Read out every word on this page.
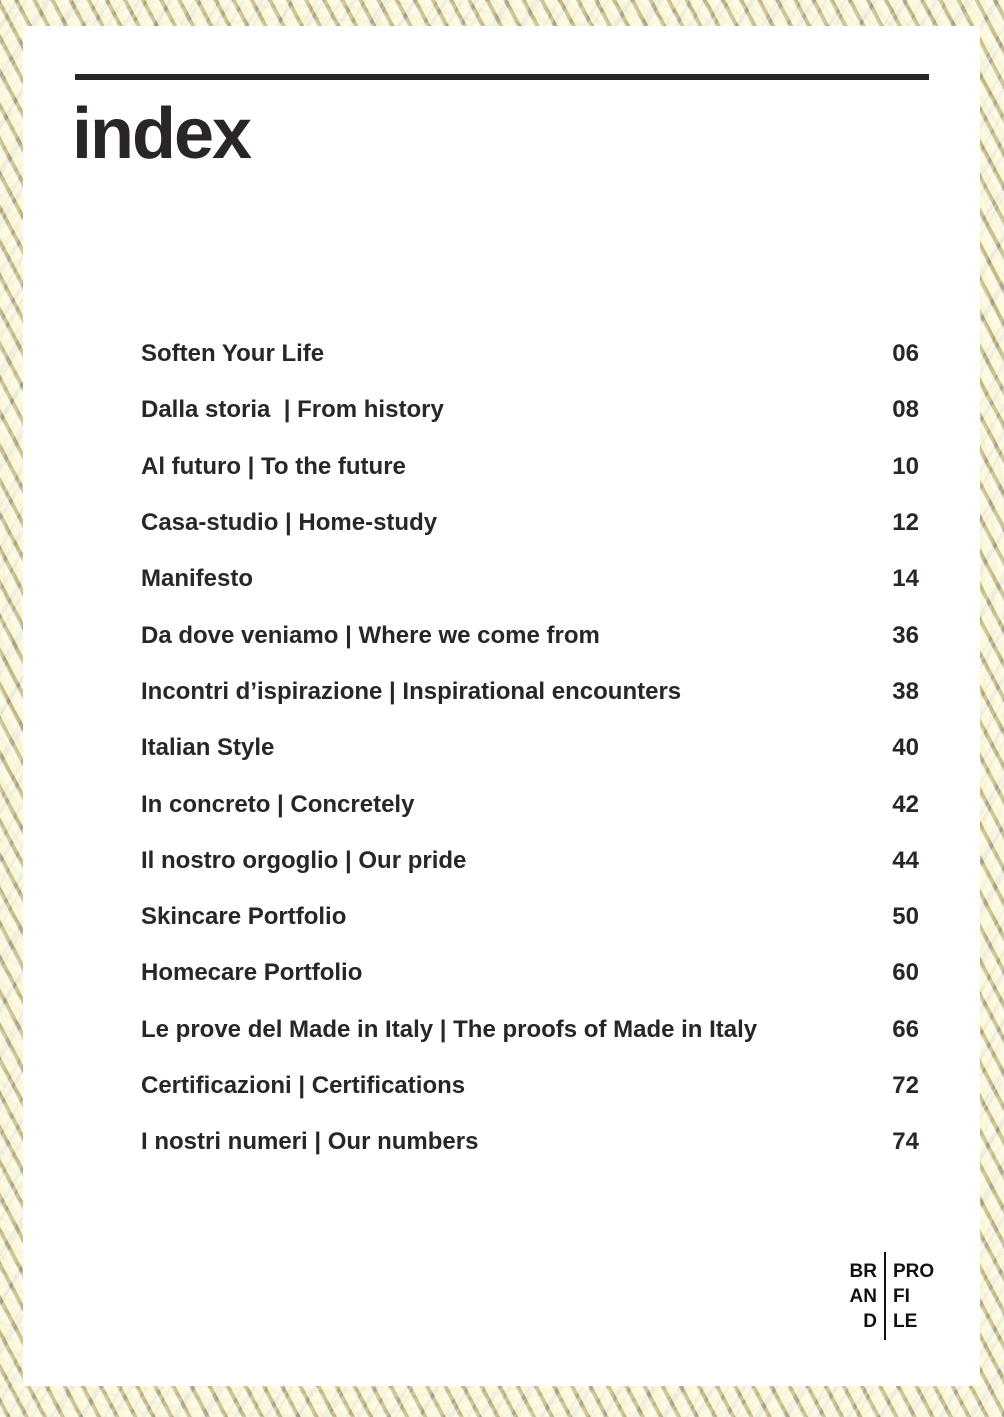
index
Soften Your Life	06
Dalla storia  | From history	08
Al futuro | To the future	10
Casa-studio | Home-study	12
Manifesto	14
Da dove veniamo | Where we come from	36
Incontri d’ispirazione | Inspirational encounters	38
Italian Style	40
In concreto | Concretely	42
Il nostro orgoglio | Our pride	44
Skincare Portfolio	50
Homecare Portfolio	60
Le prove del Made in Italy | The proofs of Made in Italy	66
Certificazioni | Certifications	72
I nostri numeri | Our numbers	74
BR
AN
D
PRO
FI
LE
